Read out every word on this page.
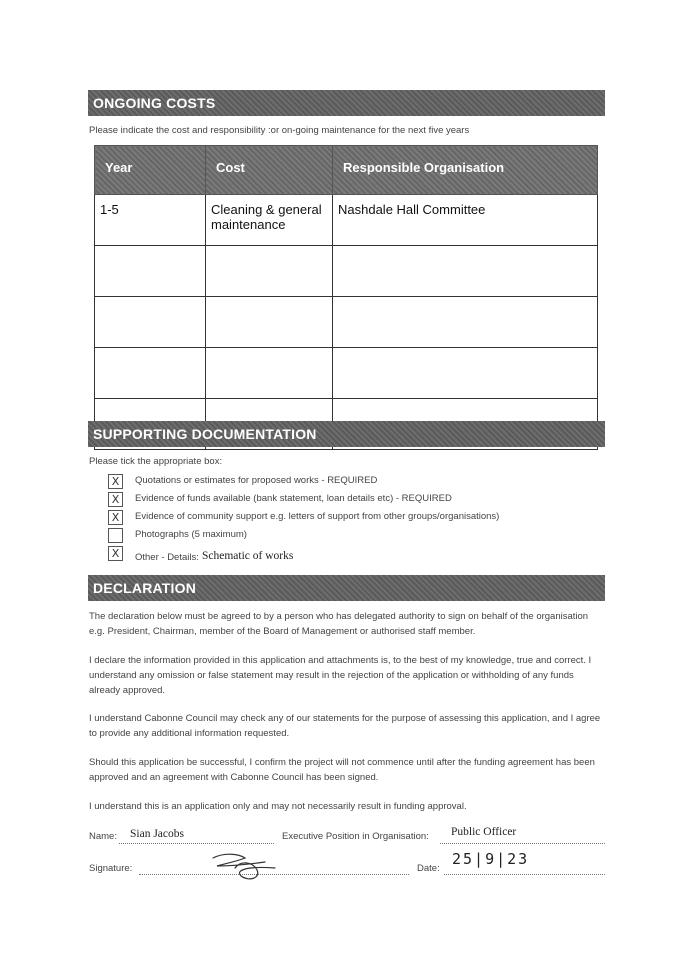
ONGOING COSTS
Please indicate the cost and responsibility :or on-going maintenance for the next five years
Year	Cost	Responsible Organisation
1-5	Cleaning & general maintenance	Nashdale Hall Committee

SUPPORTING DOCUMENTATION
Please tick the appropriate box:
X	Quotations or estimates for proposed works - REQUIRED
X	Evidence of funds available (bank statement, loan details etc) - REQUIRED
X	Evidence of community support e.g. letters of support from other groups/organisations)
Photographs (5 maximum)
X	Other - Details: Schematic of works
DECLARATION
The declaration below must be agreed to by a person who has delegated authority to sign on behalf of the organisation e.g. President, Chairman, member of the Board of Management or authorised staff member.
I declare the information provided in this application and attachments is, to the best of my knowledge, true and correct. I understand any omission or false statement may result in the rejection of the application or withholding of any funds already approved.
I understand Cabonne Council may check any of our statements for the purpose of assessing this application, and I agree to provide any additional information requested.
Should this application be successful, I confirm the project will not commence until after the funding agreement has been approved and an agreement with Cabonne Council has been signed.
I understand this is an application only and may not necessarily result in funding approval.
Name: Sian Jacobs	Executive Position in Organisation: Public Officer
Signature:	Date:
25|9|23
